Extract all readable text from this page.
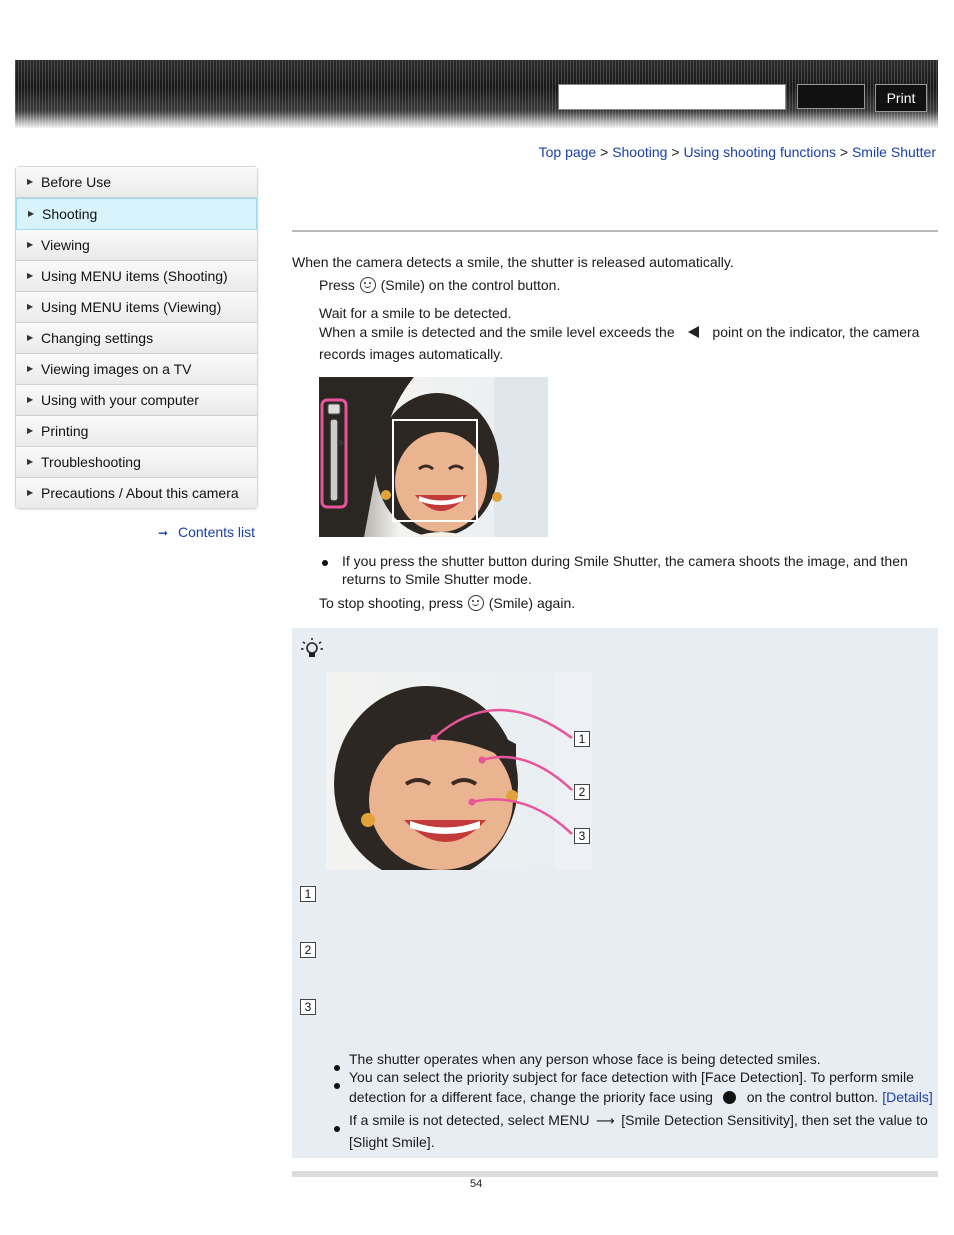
Print
Top page > Shooting > Using shooting functions > Smile Shutter
▶ Before Use
▶ Shooting
▶ Viewing
▶ Using MENU items (Shooting)
▶ Using MENU items (Viewing)
▶ Changing settings
▶ Viewing images on a TV
▶ Using with your computer
▶ Printing
▶ Troubleshooting
▶ Precautions / About this camera
➞ Contents list
When the camera detects a smile, the shutter is released automatically.
Press (Smile) on the control button.
Wait for a smile to be detected.
When a smile is detected and the smile level exceeds the	point on the indicator, the camera
records images automatically.
If you press the shutter button during Smile Shutter, the camera shoots the image, and then
returns to Smile Shutter mode.
To stop shooting, press (Smile) again.
1
2
3
1
2
3
The shutter operates when any person whose face is being detected smiles.
You can select the priority subject for face detection with [Face Detection]. To perform smile
detection for a different face, change the priority face using on the control button. [Details]
If a smile is not detected, select MENU ⟶ [Smile Detection Sensitivity], then set the value to
[Slight Smile].
54
